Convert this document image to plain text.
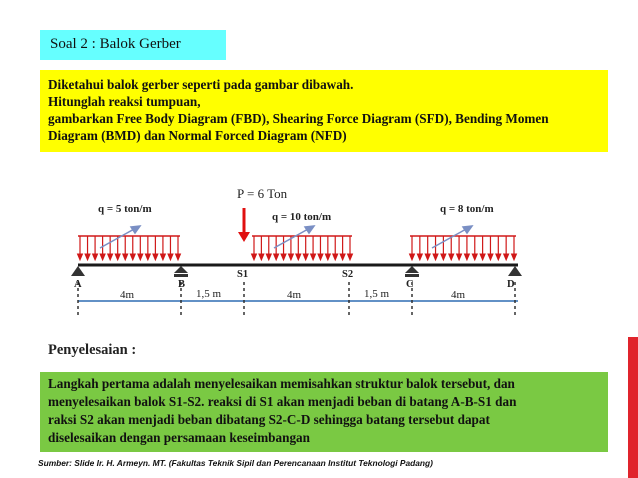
Soal 2 : Balok Gerber

Diketahui balok gerber seperti pada gambar dibawah.

Hitunglah reaksi tumpuan,

gambarkan Free Body Diagram (FBD), Shearing Force Diagram (SFD), Bending Momen

Diagram (BMD) dan Normal Forced Diagram (NFD)

P = 6 Ton
q = 5 ton/m
q = 10 ton/m
q = 8 ton/m
A	B
S1	S2
C	D
4m	1,5 m	4m	1,5 m	4m
Penyelesaian :

Langkah pertama adalah menyelesaikan memisahkan struktur balok tersebut, dan

menyelesaikan balok S1-S2. reaksi di S1 akan menjadi beban di batang A-B-S1 dan

raksi S2 akan menjadi beban dibatang S2-C-D sehingga batang tersebut dapat

diselesaikan dengan persamaan keseimbangan

Sumber: Slide Ir. H. Armeyn. MT. (Fakultas Teknik Sipil dan Perencanaan Institut Teknologi Padang)
